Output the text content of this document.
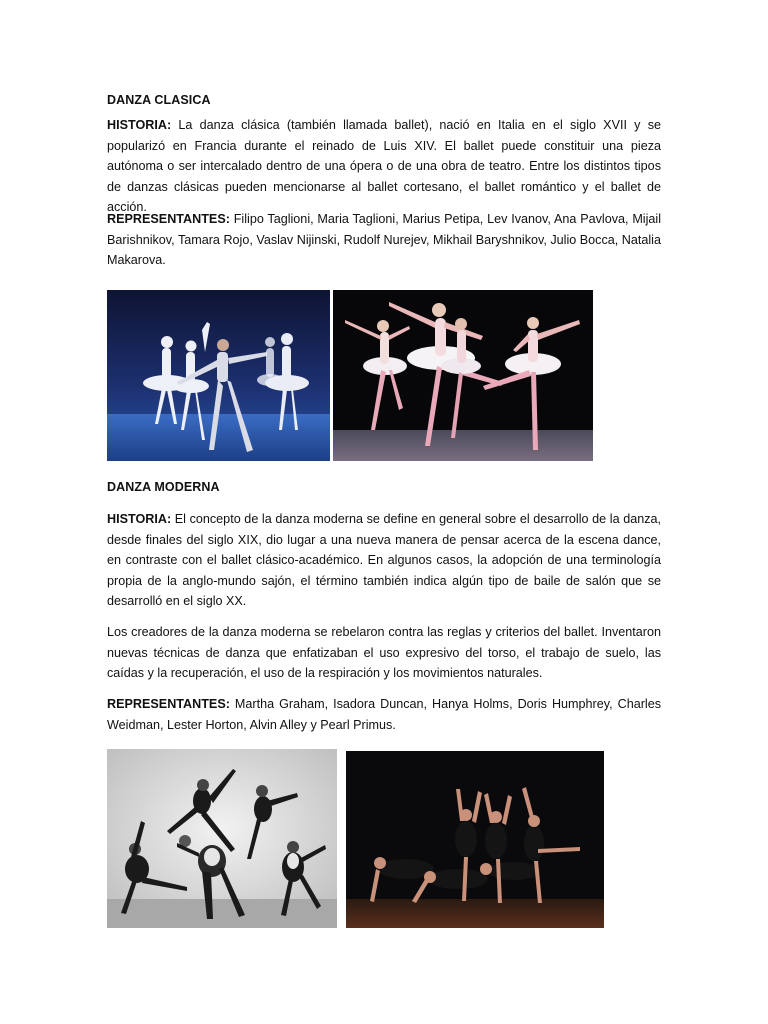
DANZA CLASICA

HISTORIA: La danza clásica (también llamada ballet), nació en Italia en el siglo XVII y se popularizó en Francia durante el reinado de Luis XIV. El ballet puede constituir una pieza autónoma o ser intercalado dentro de una ópera o de una obra de teatro. Entre los distintos tipos de danzas clásicas pueden mencionarse al ballet cortesano, el ballet romántico y el ballet de acción.

REPRESENTANTES: Filipo Taglioni, Maria Taglioni, Marius Petipa, Lev Ivanov, Ana Pavlova, Mijail Barishnikov, Tamara Rojo, Vaslav Nijinski, Rudolf Nurejev, Mikhail Baryshnikov, Julio Bocca, Natalia Makarova.

DANZA MODERNA

HISTORIA: El concepto de la danza moderna se define en general sobre el desarrollo de la danza, desde finales del siglo XIX, dio lugar a una nueva manera de pensar acerca de la escena dance, en contraste con el ballet clásico-académico. En algunos casos, la adopción de una terminología propia de la anglo-mundo sajón, el término también indica algún tipo de baile de salón que se desarrolló en el siglo XX.

Los creadores de la danza moderna se rebelaron contra las reglas y criterios del ballet. Inventaron nuevas técnicas de danza que enfatizaban el uso expresivo del torso, el trabajo de suelo, las caídas y la recuperación, el uso de la respiración y los movimientos naturales.

REPRESENTANTES: Martha Graham, Isadora Duncan, Hanya Holms, Doris Humphrey, Charles Weidman, Lester Horton, Alvin Alley y Pearl Primus.
